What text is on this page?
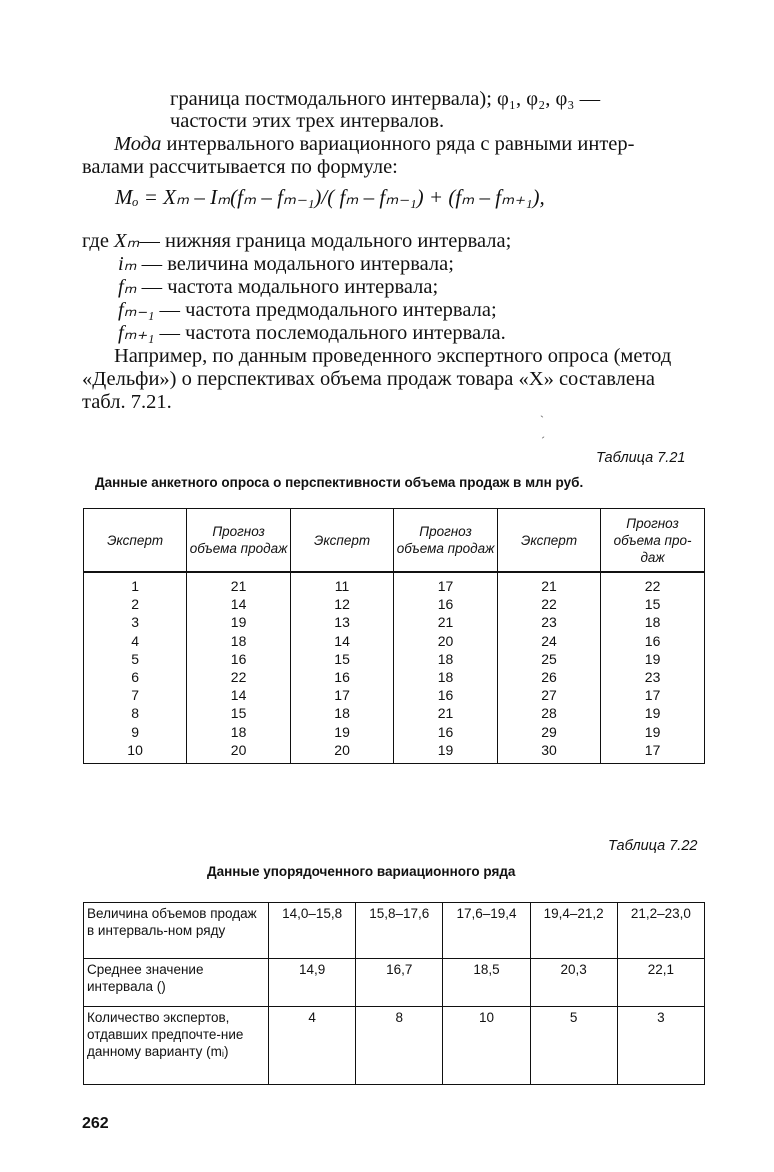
граница постмодального интервала); φ₁, φ₂, φ₃ —
частости этих трех интервалов.
Мода интервального вариационного ряда с равными интер-
валами рассчитывается по формуле:
Mₒ = Xₘ – Iₘ(fₘ – fₘ₋₁)/( fₘ – fₘ₋₁) + (fₘ – fₘ₊₁),
где Xₘ— нижняя граница модального интервала;
iₘ — величина модального интервала;
fₘ — частота модального интервала;
fₘ₋₁ — частота предмодального интервала;
fₘ₊₁ — частота послемодального интервала.
Например, по данным проведенного экспертного опроса (метод
«Дельфи») о перспективах объема продаж товара «Х» составлена
табл. 7.21.	ˎ
ˊ
Таблица 7.21
Данные анкетного опроса о перспективности объема продаж в млн руб.
Эксперт	Прогноз объема продаж	Эксперт	Прогноз объема продаж	Эксперт	Прогноз объема про-даж
1	21	11	17	21	22
2	14	12	16	22	15
3	19	13	21	23	18
4	18	14	20	24	16
5	16	15	18	25	19
6	22	16	18	26	23
7	14	17	16	27	17
8	15	18	21	28	19
9	18	19	16	29	19
10	20	20	19	30	17
Таблица 7.22
Данные упорядоченного вариационного ряда
Величина объемов продаж в интерваль-ном ряду	14,0–15,8	15,8–17,6	17,6–19,4	19,4–21,2	21,2–23,0
Среднее значение интервала ()	14,9	16,7	18,5	20,3	22,1
Количество экспертов, отдавших предпочте-ние данному варианту (mᵢ)	4	8	10	5	3
262
